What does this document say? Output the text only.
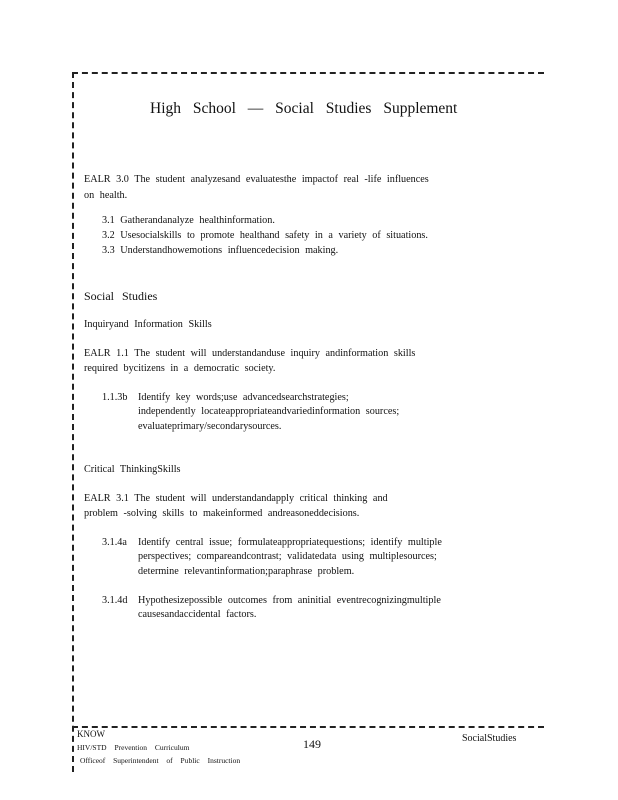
High School — Social Studies Supplement
EALR 3.0 The student analyzesand evaluatesthe impactof real -life influences
on health.
3.1 Gatherandanalyze healthinformation.
3.2 Usesocialskills to promote healthand safety in a variety of situations.
3.3 Understandhowemotions influencedecision making.
Social Studies
Inquiryand Information Skills
EALR 1.1 The student will understandanduse inquiry andinformation skills
required bycitizens in a democratic society.
1.1.3b Identify key words;use advancedsearchstrategies;
independently locateappropriateandvariedinformation sources;
evaluateprimary/secondarysources.
Critical ThinkingSkills
EALR 3.1 The student will understandandapply critical thinking and
problem -solving skills to makeinformed andreasoneddecisions.
3.1.4a Identify central issue; formulateappropriatequestions; identify multiple
perspectives; compareandcontrast; validatedata using multiplesources;
determine relevantinformation;paraphrase problem.
3.1.4d Hypothesizepossible outcomes from aninitial eventrecognizingmultiple
causesandaccidental factors.
KNOW
HIV/STD Prevention Curriculum
Officeof Superintendent of Public Instruction
149	SocialStudies
